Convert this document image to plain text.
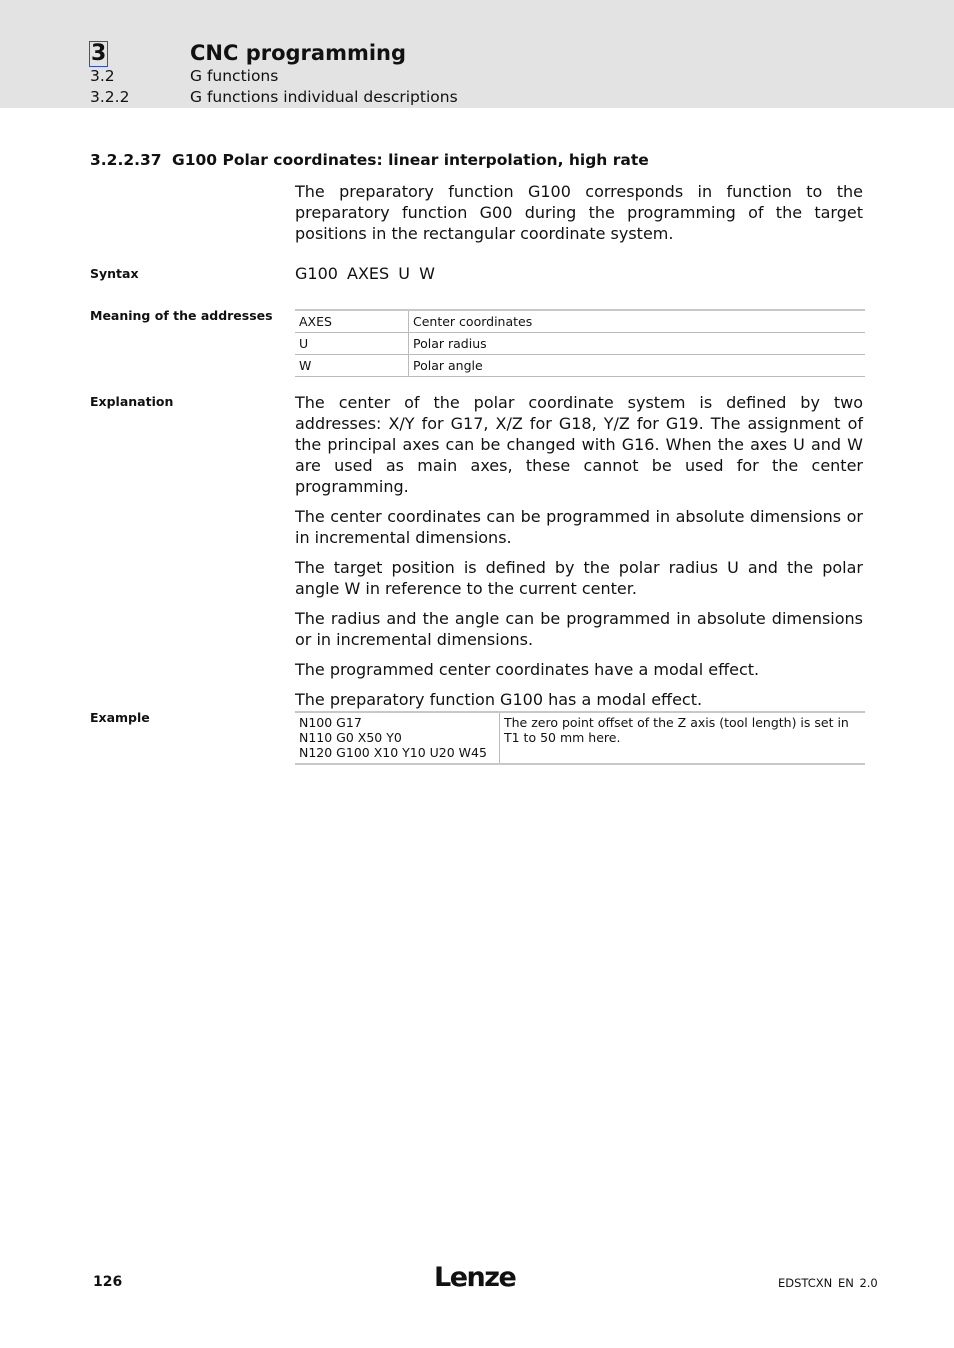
3	CNC programming
3.2	G functions
3.2.2	G functions individual descriptions
3.2.2.37 G100 Polar coordinates: linear interpolation, high rate

The preparatory function G100 corresponds in function to the preparatory function G00 during the programming of the target positions in the rectangular coordinate system.

Syntax	G100 AXES U W
Meaning of the addresses AXES	Center coordinates
U	Polar radius
W	Polar angle
Explanation	The center of the polar coordinate system is defined by two addresses: X/Y for G17, X/Z for G18, Y/Z for G19. The assignment of the principal axes can be changed with G16. When the axes U and W are used as main axes, these cannot be used for the center programming.

The center coordinates can be programmed in absolute dimensions or in incremental dimensions.

The target position is defined by the polar radius U and the polar angle W in reference to the current center.

The radius and the angle can be programmed in absolute dimensions or in incremental dimensions.

The programmed center coordinates have a modal effect.

The preparatory function G100 has a modal effect.

Example	N100 G17
N110 G0 X50 Y0
N120 G100 X10 Y10 U20 W45
	The zero point offset of the Z axis (tool length) is set in T1 to 50 mm here.
126	Lenze	EDSTCXN EN 2.0
